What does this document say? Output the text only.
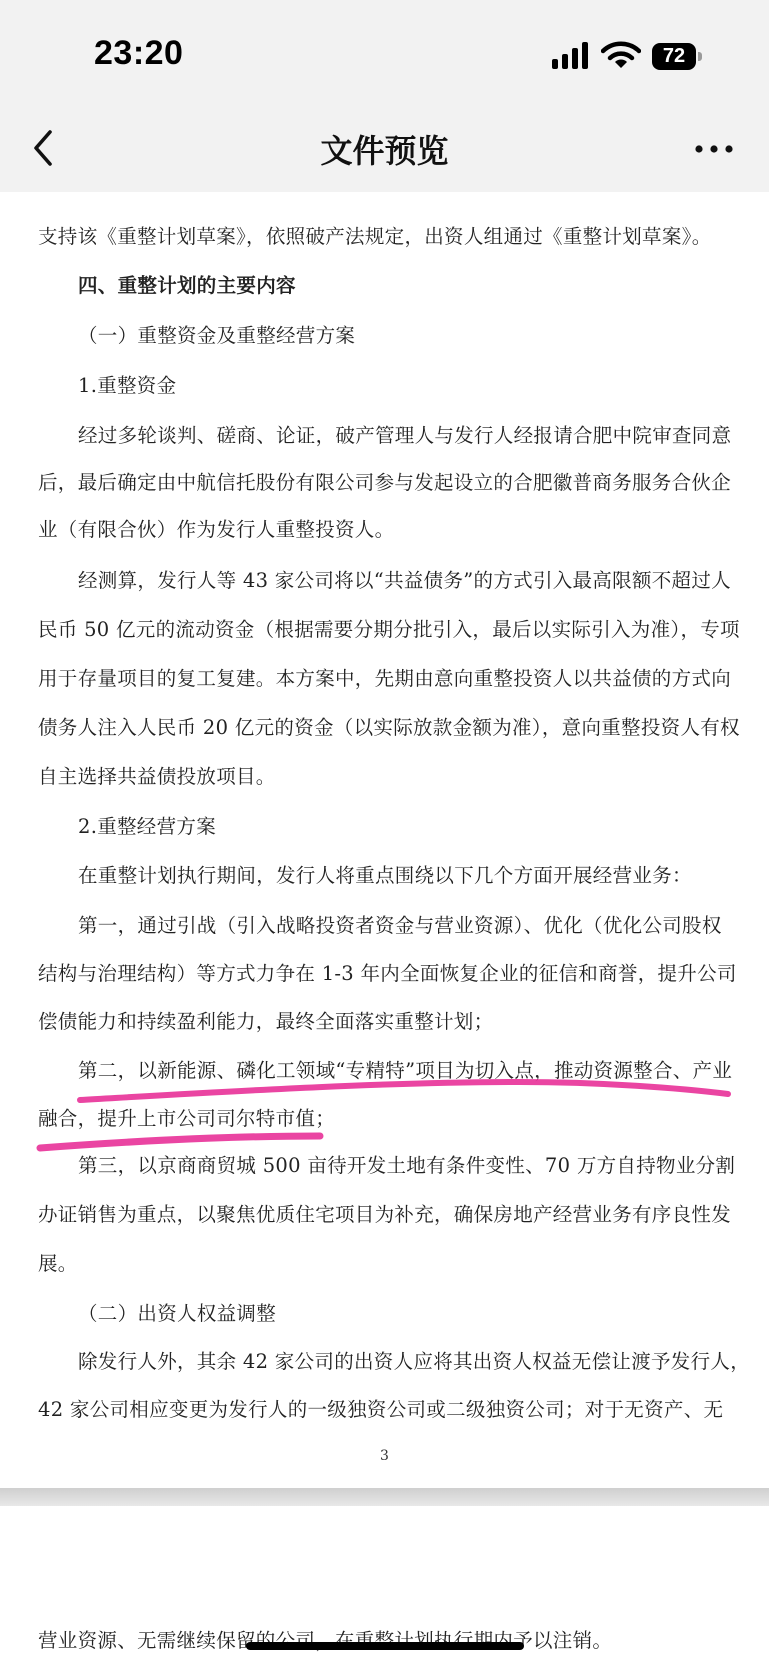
23:20	72
文件预览
支持该《重整计划草案》，依照破产法规定，出资人组通过《重整计划草案》。
四、重整计划的主要内容
（一）重整资金及重整经营方案
1.重整资金
经过多轮谈判、磋商、论证，破产管理人与发行人经报请合肥中院审查同意
后，最后确定由中航信托股份有限公司参与发起设立的合肥徽普商务服务合伙企
业（有限合伙）作为发行人重整投资人。
经测算，发行人等 43 家公司将以“共益债务”的方式引入最高限额不超过人
民币 50 亿元的流动资金（根据需要分期分批引入，最后以实际引入为准），专项
用于存量项目的复工复建。本方案中，先期由意向重整投资人以共益债的方式向
债务人注入人民币 20 亿元的资金（以实际放款金额为准），意向重整投资人有权
自主选择共益债投放项目。
2.重整经营方案
在重整计划执行期间，发行人将重点围绕以下几个方面开展经营业务：
第一，通过引战（引入战略投资者资金与营业资源）、优化（优化公司股权
结构与治理结构）等方式力争在 1-3 年内全面恢复企业的征信和商誉，提升公司
偿债能力和持续盈利能力，最终全面落实重整计划；
第二，以新能源、磷化工领域“专精特”项目为切入点，推动资源整合、产业
融合，提升上市公司司尔特市值；
第三，以京商商贸城 500 亩待开发土地有条件变性、70 万方自持物业分割
办证销售为重点，以聚焦优质住宅项目为补充，确保房地产经营业务有序良性发
展。
（二）出资人权益调整
除发行人外，其余 42 家公司的出资人应将其出资人权益无偿让渡予发行人，
42 家公司相应变更为发行人的一级独资公司或二级独资公司；对于无资产、无
3
营业资源、无需继续保留的公司，在重整计划执行期内予以注销。
